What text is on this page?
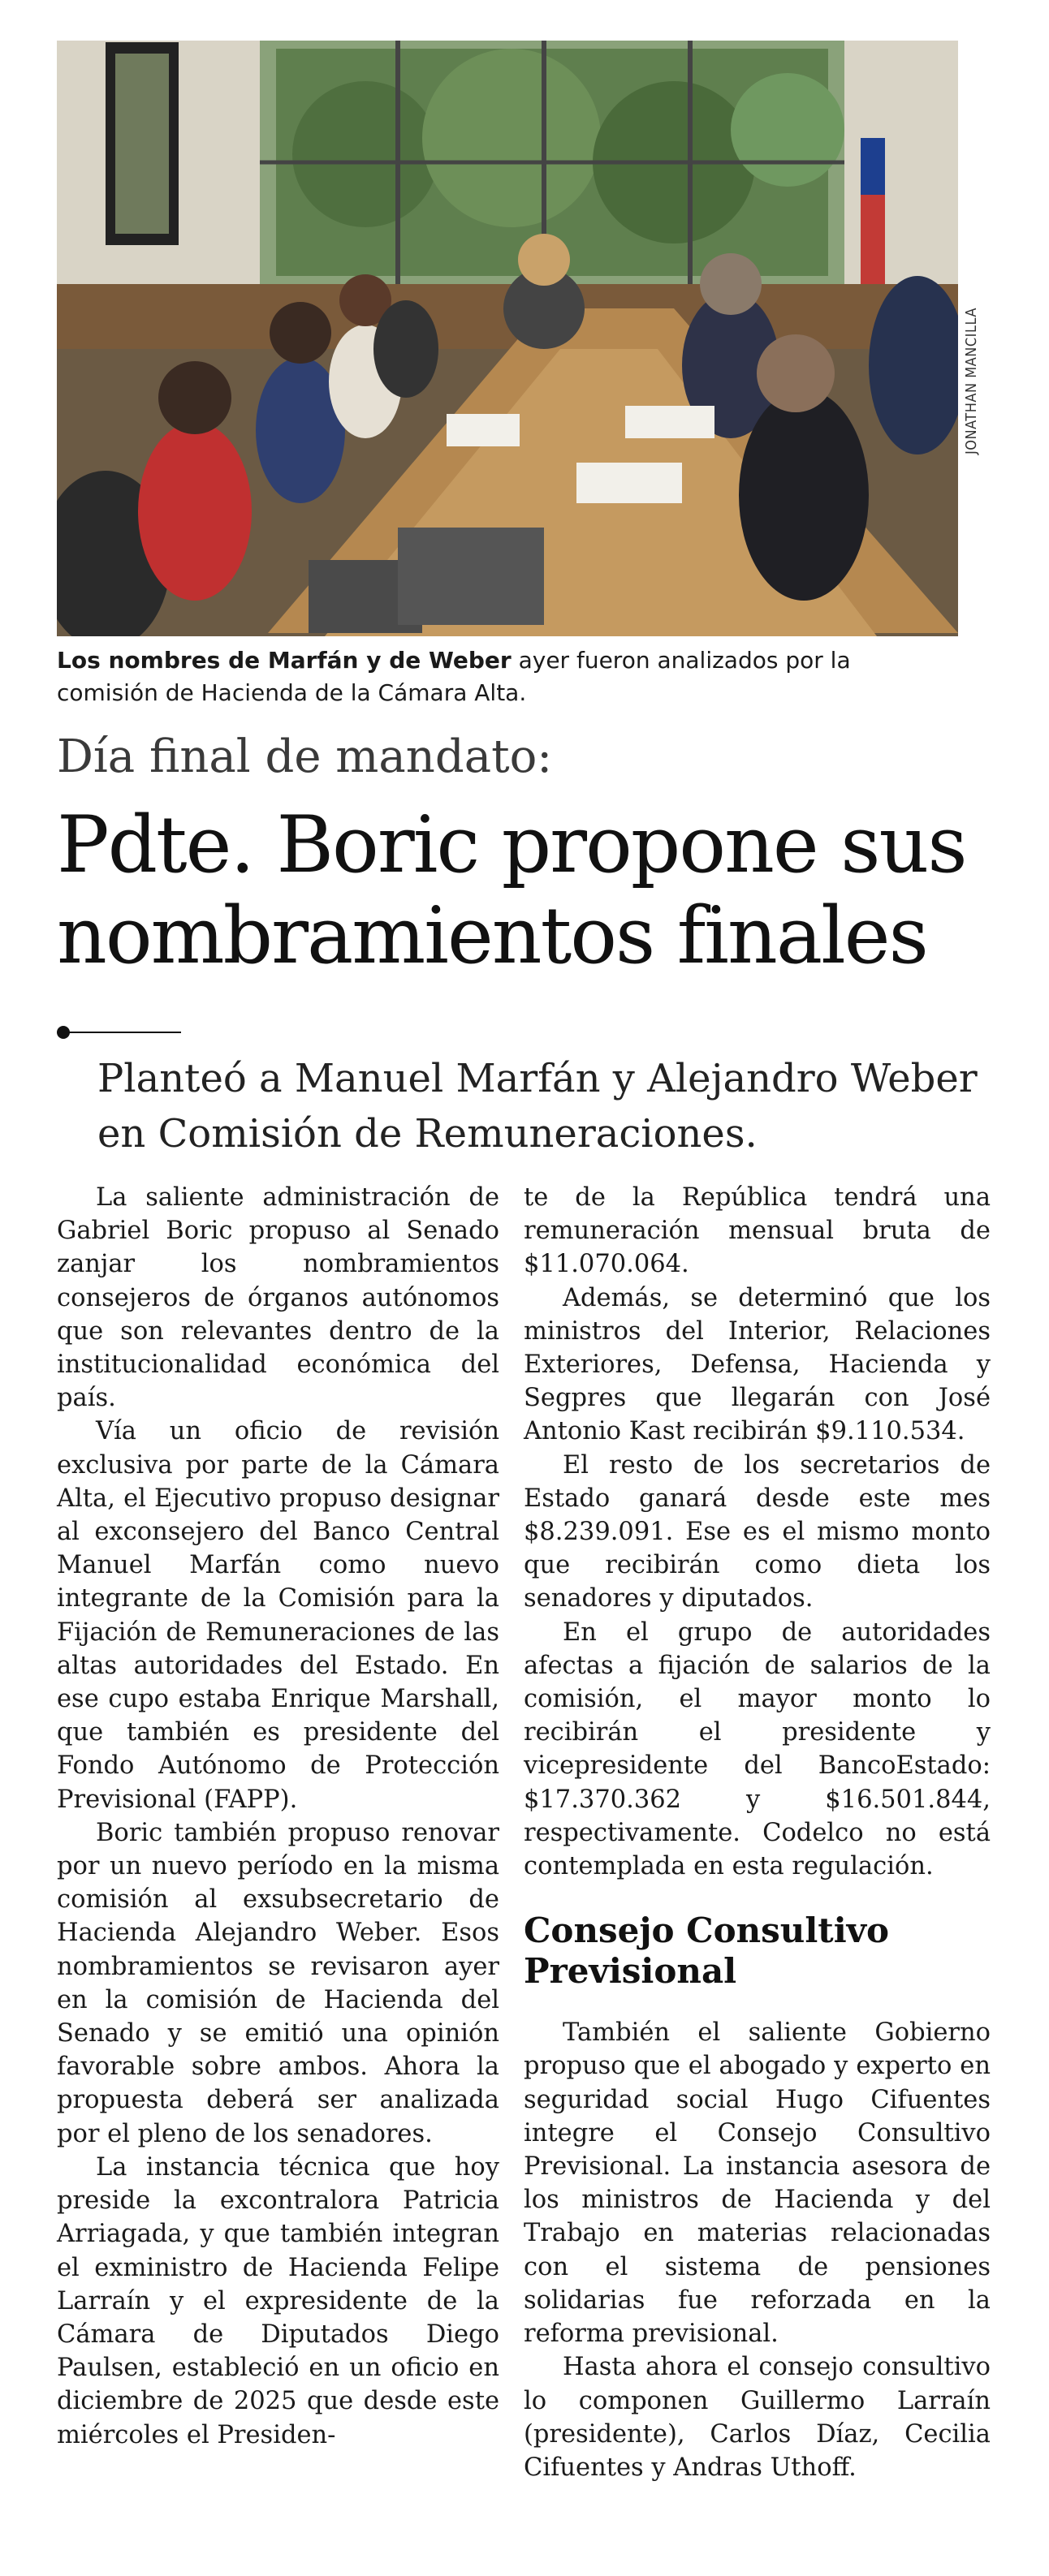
JONATHAN MANCILLA
Los nombres de Marfán y de Weber ayer fueron analizados por la comisión de Hacienda de la Cámara Alta.
Día final de mandato:
Pdte. Boric propone sus nombramientos finales
Planteó a Manuel Marfán y Alejandro Weber en Comisión de Remuneraciones.

La saliente administración de Gabriel Boric propuso al Senado zanjar los nombramientos consejeros de órganos autónomos que son relevantes dentro de la institucionalidad económica del país.

Vía un oficio de revisión exclusiva por parte de la Cámara Alta, el Ejecutivo propuso designar al exconsejero del Banco Central Manuel Marfán como nuevo integrante de la Comisión para la Fijación de Remuneraciones de las altas autoridades del Estado. En ese cupo estaba Enrique Marshall, que también es presidente del Fondo Autónomo de Protección Previsional (FAPP).

Boric también propuso renovar por un nuevo período en la misma comisión al exsubsecretario de Hacienda Alejandro Weber. Esos nombramientos se revisaron ayer en la comisión de Hacienda del Senado y se emitió una opinión favorable sobre ambos. Ahora la propuesta deberá ser analizada por el pleno de los senadores.

La instancia técnica que hoy preside la excontralora Patricia Arriagada, y que también integran el exministro de Hacienda Felipe Larraín y el expresidente de la Cámara de Diputados Diego Paulsen, estableció en un oficio en diciembre de 2025 que desde este miércoles el Presiden-

te de la República tendrá una remuneración mensual bruta de $11.070.064.

Además, se determinó que los ministros del Interior, Relaciones Exteriores, Defensa, Hacienda y Segpres que llegarán con José Antonio Kast recibirán $9.110.534.

El resto de los secretarios de Estado ganará desde este mes $8.239.091. Ese es el mismo monto que recibirán como dieta los senadores y diputados.

En el grupo de autoridades afectas a fijación de salarios de la comisión, el mayor monto lo recibirán el presidente y vicepresidente del BancoEstado: $17.370.362 y $16.501.844, respectivamente. Codelco no está contemplada en esta regulación.

Consejo Consultivo Previsional

También el saliente Gobierno propuso que el abogado y experto en seguridad social Hugo Cifuentes integre el Consejo Consultivo Previsional. La instancia asesora de los ministros de Hacienda y del Trabajo en materias relacionadas con el sistema de pensiones solidarias fue reforzada en la reforma previsional.

Hasta ahora el consejo consultivo lo componen Guillermo Larraín (presidente), Carlos Díaz, Cecilia Cifuentes y Andras Uthoff.
